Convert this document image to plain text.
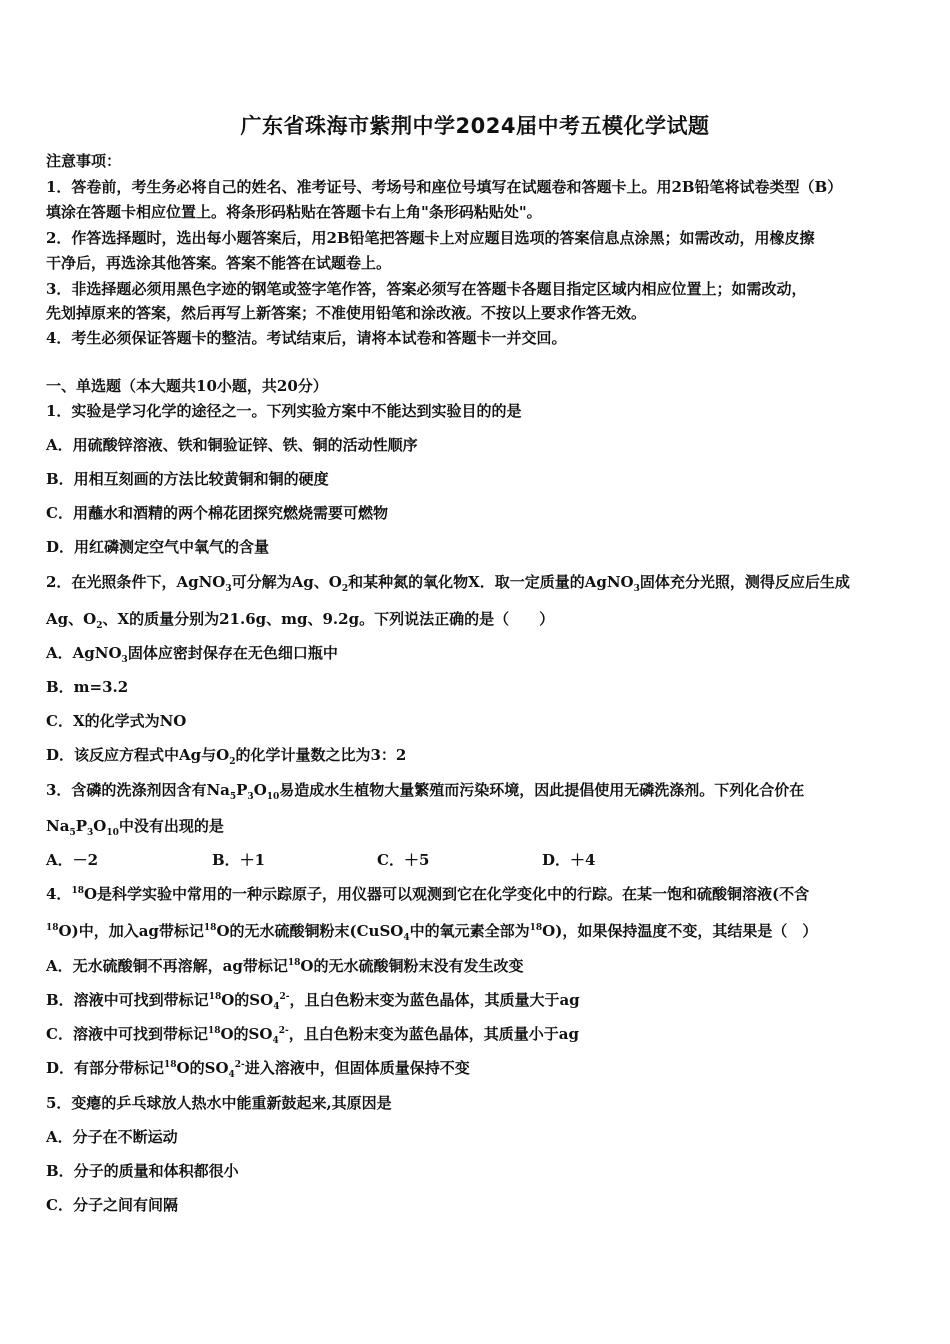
广东省珠海市紫荆中学2024届中考五模化学试题
注意事项：
1．答卷前，考生务必将自己的姓名、准考证号、考场号和座位号填写在试题卷和答题卡上。用2B铅笔将试卷类型（B）
填涂在答题卡相应位置上。将条形码粘贴在答题卡右上角"条形码粘贴处"。
2．作答选择题时，选出每小题答案后，用2B铅笔把答题卡上对应题目选项的答案信息点涂黑；如需改动，用橡皮擦
干净后，再选涂其他答案。答案不能答在试题卷上。
3．非选择题必须用黑色字迹的钢笔或签字笔作答，答案必须写在答题卡各题目指定区域内相应位置上；如需改动，
先划掉原来的答案，然后再写上新答案；不准使用铅笔和涂改液。不按以上要求作答无效。
4．考生必须保证答题卡的整洁。考试结束后，请将本试卷和答题卡一并交回。
一、单选题（本大题共10小题，共20分）
1．实验是学习化学的途径之一。下列实验方案中不能达到实验目的的是
A．用硫酸锌溶液、铁和铜验证锌、铁、铜的活动性顺序
B．用相互刻画的方法比较黄铜和铜的硬度
C．用蘸水和酒精的两个棉花团探究燃烧需要可燃物
D．用红磷测定空气中氧气的含量
2．在光照条件下，AgNO$_3$可分解为Ag、$O_2$和某种氮的氧化物X．取一定质量的AgNO$_3$固体充分光照，测得反应后生成
Ag、$O_2$、X的质量分别为21.6g、mg、9.2g。下列说法正确的是（　　）
A．AgNO$_3$固体应密封保存在无色细口瓶中
B．m=3.2
C．X的化学式为NO
D．该反应方程式中Ag与$O_2$的化学计量数之比为3：2
3．含磷的洗涤剂因含有$Na_5P_3O_{10}$易造成水生植物大量繁殖而污染环境，因此提倡使用无磷洗涤剂。下列化合价在
$Na_5P_3O_{10}$中没有出现的是
A．－2	B．＋1	C．＋5	D．＋4
4．$^{18}$O是科学实验中常用的一种示踪原子，用仪器可以观测到它在化学变化中的行踪。在某一饱和硫酸铜溶液(不含
$^{18}$O)中，加入ag带标记$^{18}$O的无水硫酸铜粉末(CuSO$_4$中的氧元素全部为$^{18}$O)，如果保持温度不变，其结果是（　）
A．无水硫酸铜不再溶解，ag带标记$^{18}$O的无水硫酸铜粉末没有发生改变
B．溶液中可找到带标记$^{18}$O的$SO_4^{2-}$，且白色粉末变为蓝色晶体，其质量大于ag
C．溶液中可找到带标记$^{18}$O的$SO_4^{2-}$，且白色粉末变为蓝色晶体，其质量小于ag
D．有部分带标记$^{18}$O的$SO_4^{2-}$进入溶液中，但固体质量保持不变
5．变瘪的乒乓球放人热水中能重新鼓起来,其原因是
A．分子在不断运动
B．分子的质量和体积都很小
C．分子之间有间隔
